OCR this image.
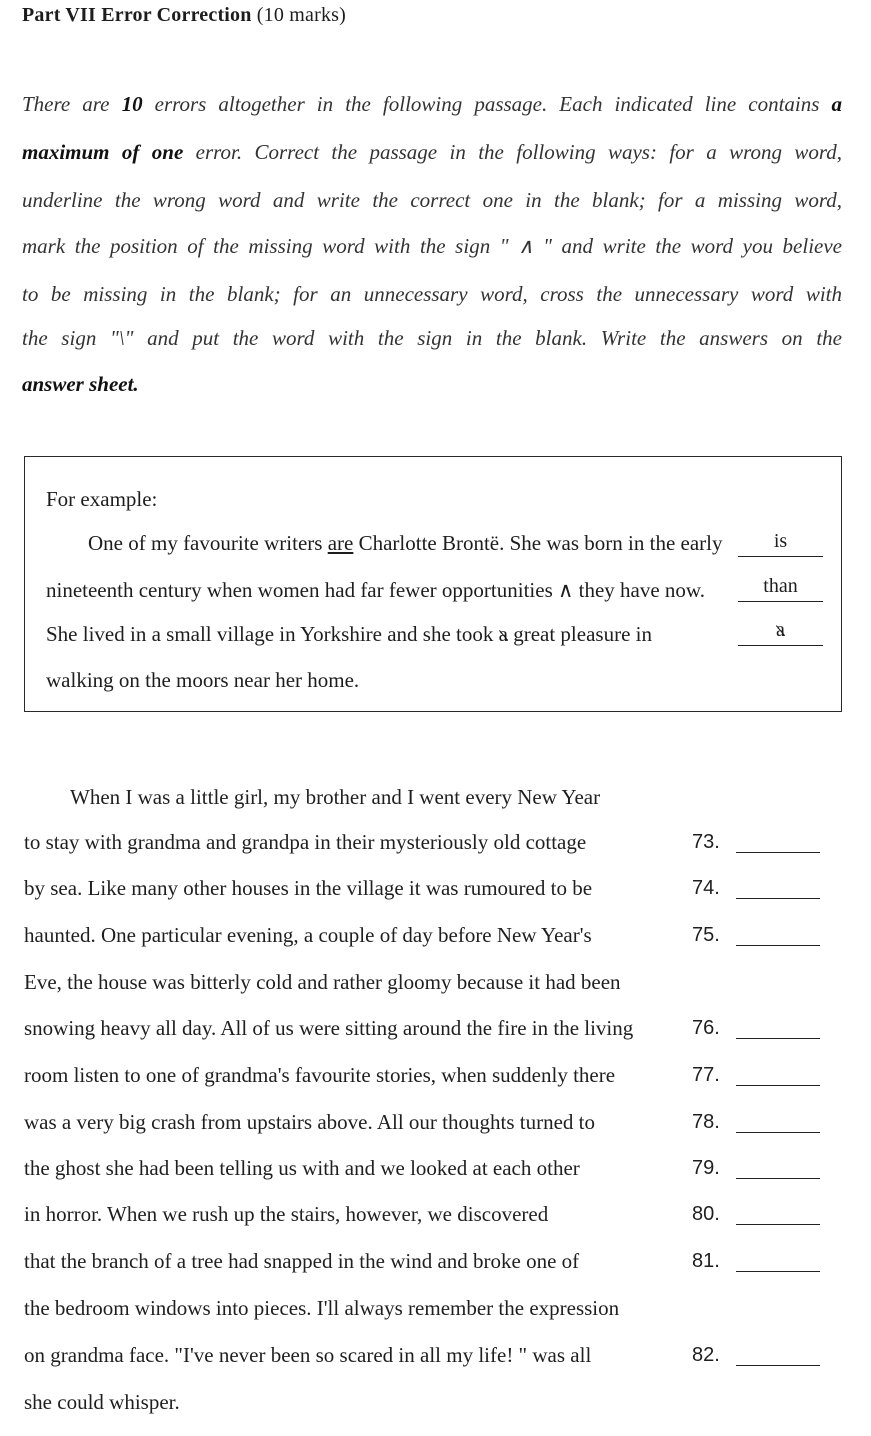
Part VII Error Correction (10 marks)
There are 10 errors altogether in the following passage. Each indicated line contains a
maximum of one error. Correct the passage in the following ways: for a wrong word,
underline the wrong word and write the correct one in the blank; for a missing word,
mark the position of the missing word with the sign " ∧ " and write the word you believe
to be missing in the blank; for an unnecessary word, cross the unnecessary word with
the sign "\" and put the word with the sign in the blank. Write the answers on the
answer sheet.
For example:
One of my favourite writers are Charlotte Brontë. She was born in the early	is
nineteenth century when women had far fewer opportunities ∧ they have now.	than
She lived in a small village in Yorkshire and she took a great pleasure in	a
walking on the moors near her home.
When I was a little girl, my brother and I went every New Year
to stay with grandma and grandpa in their mysteriously old cottage	73.
by sea. Like many other houses in the village it was rumoured to be	74.
haunted. One particular evening, a couple of day before New Year's	75.
Eve, the house was bitterly cold and rather gloomy because it had been
snowing heavy all day. All of us were sitting around the fire in the living	76.
room listen to one of grandma's favourite stories, when suddenly there	77.
was a very big crash from upstairs above. All our thoughts turned to	78.
the ghost she had been telling us with and we looked at each other	79.
in horror. When we rush up the stairs, however, we discovered	80.
that the branch of a tree had snapped in the wind and broke one of	81.
the bedroom windows into pieces. I'll always remember the expression
on grandma face. "I've never been so scared in all my life! " was all	82.
she could whisper.
